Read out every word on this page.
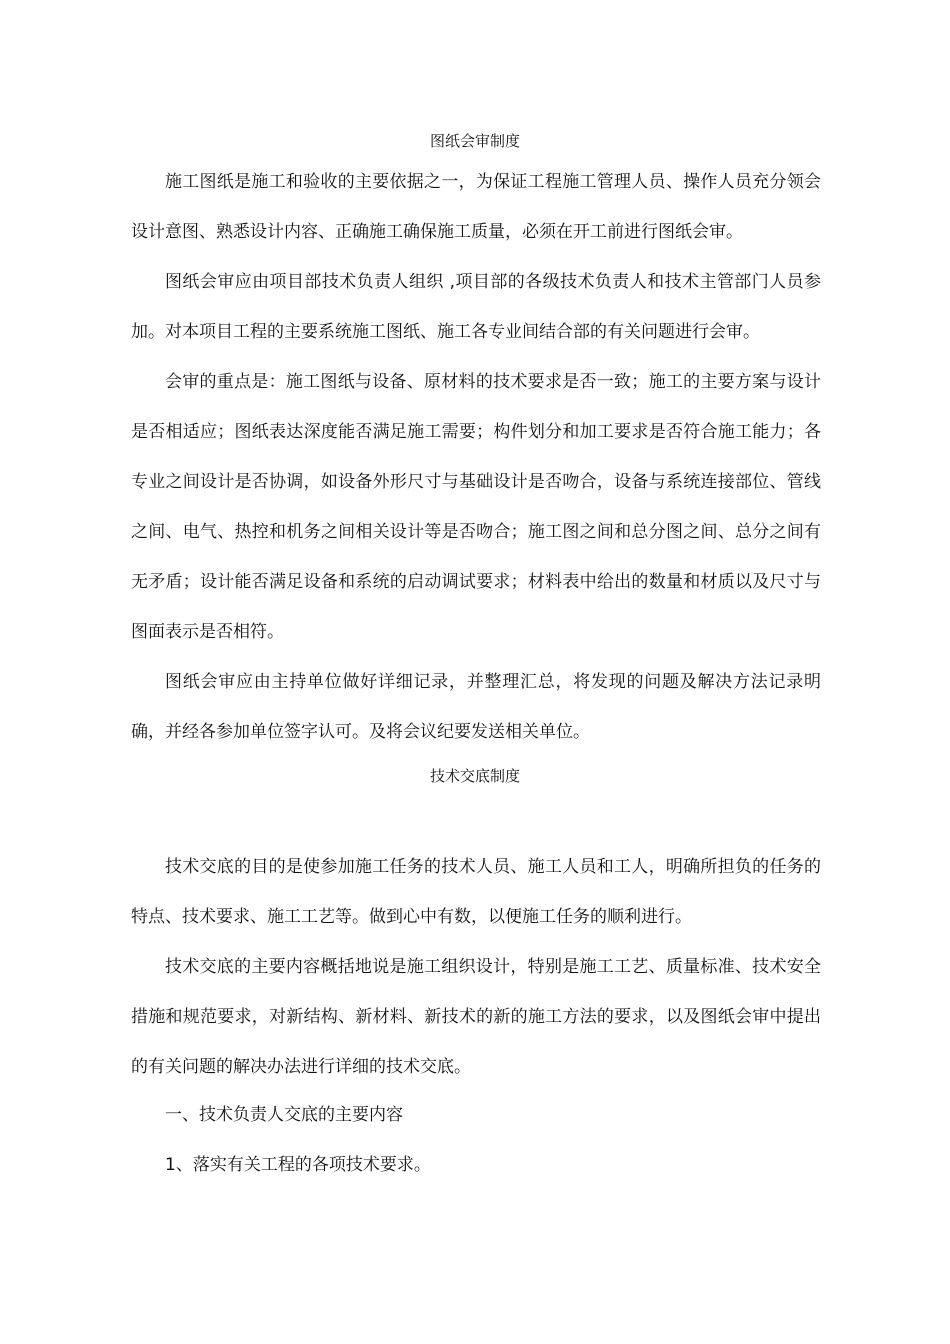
图纸会审制度

施工图纸是施工和验收的主要依据之一，为保证工程施工管理人员、操作人员充分领会设计意图、熟悉设计内容、正确施工确保施工质量，必须在开工前进行图纸会审。

图纸会审应由项目部技术负责人组织 ,项目部的各级技术负责人和技术主管部门人员参加。对本项目工程的主要系统施工图纸、施工各专业间结合部的有关问题进行会审。

会审的重点是：施工图纸与设备、原材料的技术要求是否一致；施工的主要方案与设计是否相适应；图纸表达深度能否满足施工需要；构件划分和加工要求是否符合施工能力；各专业之间设计是否协调，如设备外形尺寸与基础设计是否吻合，设备与系统连接部位、管线之间、电气、热控和机务之间相关设计等是否吻合；施工图之间和总分图之间、总分之间有无矛盾；设计能否满足设备和系统的启动调试要求；材料表中给出的数量和材质以及尺寸与图面表示是否相符。

图纸会审应由主持单位做好详细记录，并整理汇总，将发现的问题及解决方法记录明确，并经各参加单位签字认可。及将会议纪要发送相关单位。

技术交底制度

技术交底的目的是使参加施工任务的技术人员、施工人员和工人，明确所担负的任务的特点、技术要求、施工工艺等。做到心中有数，以便施工任务的顺利进行。

技术交底的主要内容概括地说是施工组织设计，特别是施工工艺、质量标准、技术安全措施和规范要求，对新结构、新材料、新技术的新的施工方法的要求，以及图纸会审中提出的有关问题的解决办法进行详细的技术交底。

一、技术负责人交底的主要内容

1、落实有关工程的各项技术要求。
